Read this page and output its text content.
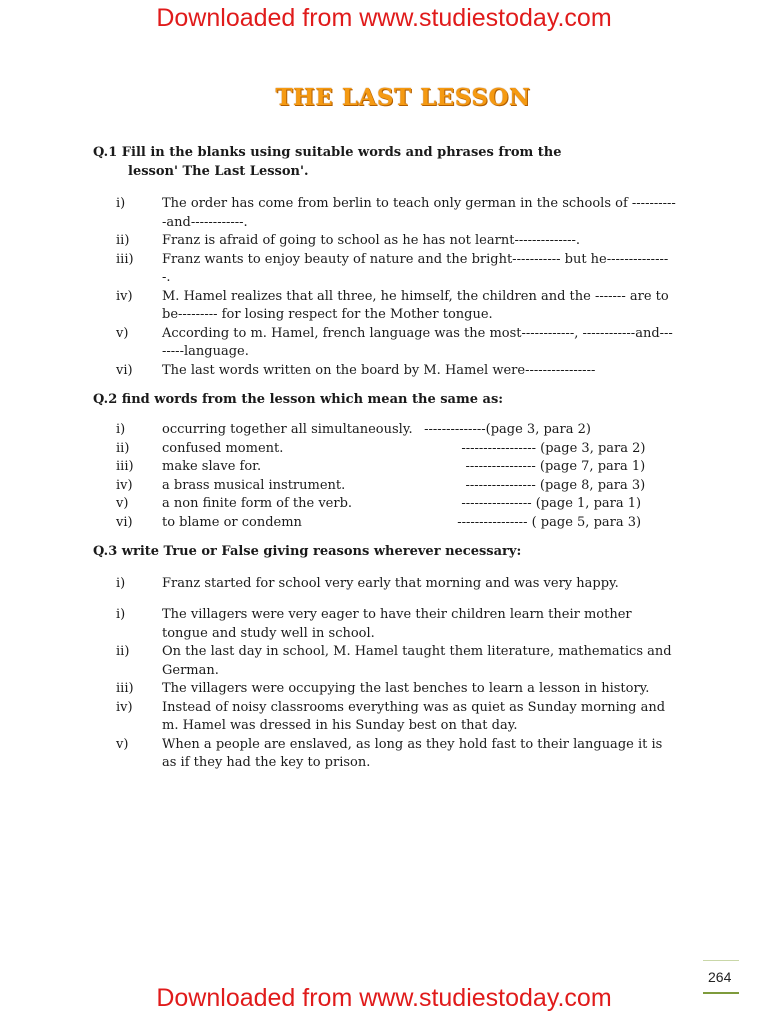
Downloaded from www.studiestoday.com
THE LAST LESSON
Q.1 Fill in the blanks using suitable words and phrases from the
lesson' The Last Lesson'.
i)	The order has come from berlin to teach only german in the schools of -----------and------------.
ii)	Franz is afraid of going to school as he has not learnt--------------.
iii)	Franz wants to enjoy beauty of nature and the bright----------- but he---------------.
iv)	M. Hamel realizes that all three, he himself, the children and the ------- are to be--------- for losing respect for the Mother tongue.
v)	According to m. Hamel, french language was the most------------, ------------and--------language.
vi)	The last words written on the board by M. Hamel were----------------
Q.2 find words from the lesson which mean the same as:
i)	occurring together all simultaneously. --------------(page 3, para 2)
ii)	confused moment.	----------------- (page 3, para 2)
iii)	make slave for.	---------------- (page 7, para 1)
iv)	a brass musical instrument.	---------------- (page 8, para 3)
v)	a non finite form of the verb.	---------------- (page 1, para 1)
vi)	to blame or condemn	---------------- ( page 5, para 3)
Q.3 write True or False giving reasons wherever necessary:
i)	Franz started for school very early that morning and was very happy.
i)	The villagers were very eager to have their children learn their mother tongue and study well in school.
ii)	On the last day in school, M. Hamel taught them literature, mathematics and German.
iii)	The villagers were occupying the last benches to learn a lesson in history.
iv)	Instead of noisy classrooms everything was as quiet as Sunday morning and m. Hamel was dressed in his Sunday best on that day.
v)	When a people are enslaved, as long as they hold fast to their language it is as if they had the key to prison.
264
Downloaded from www.studiestoday.com
